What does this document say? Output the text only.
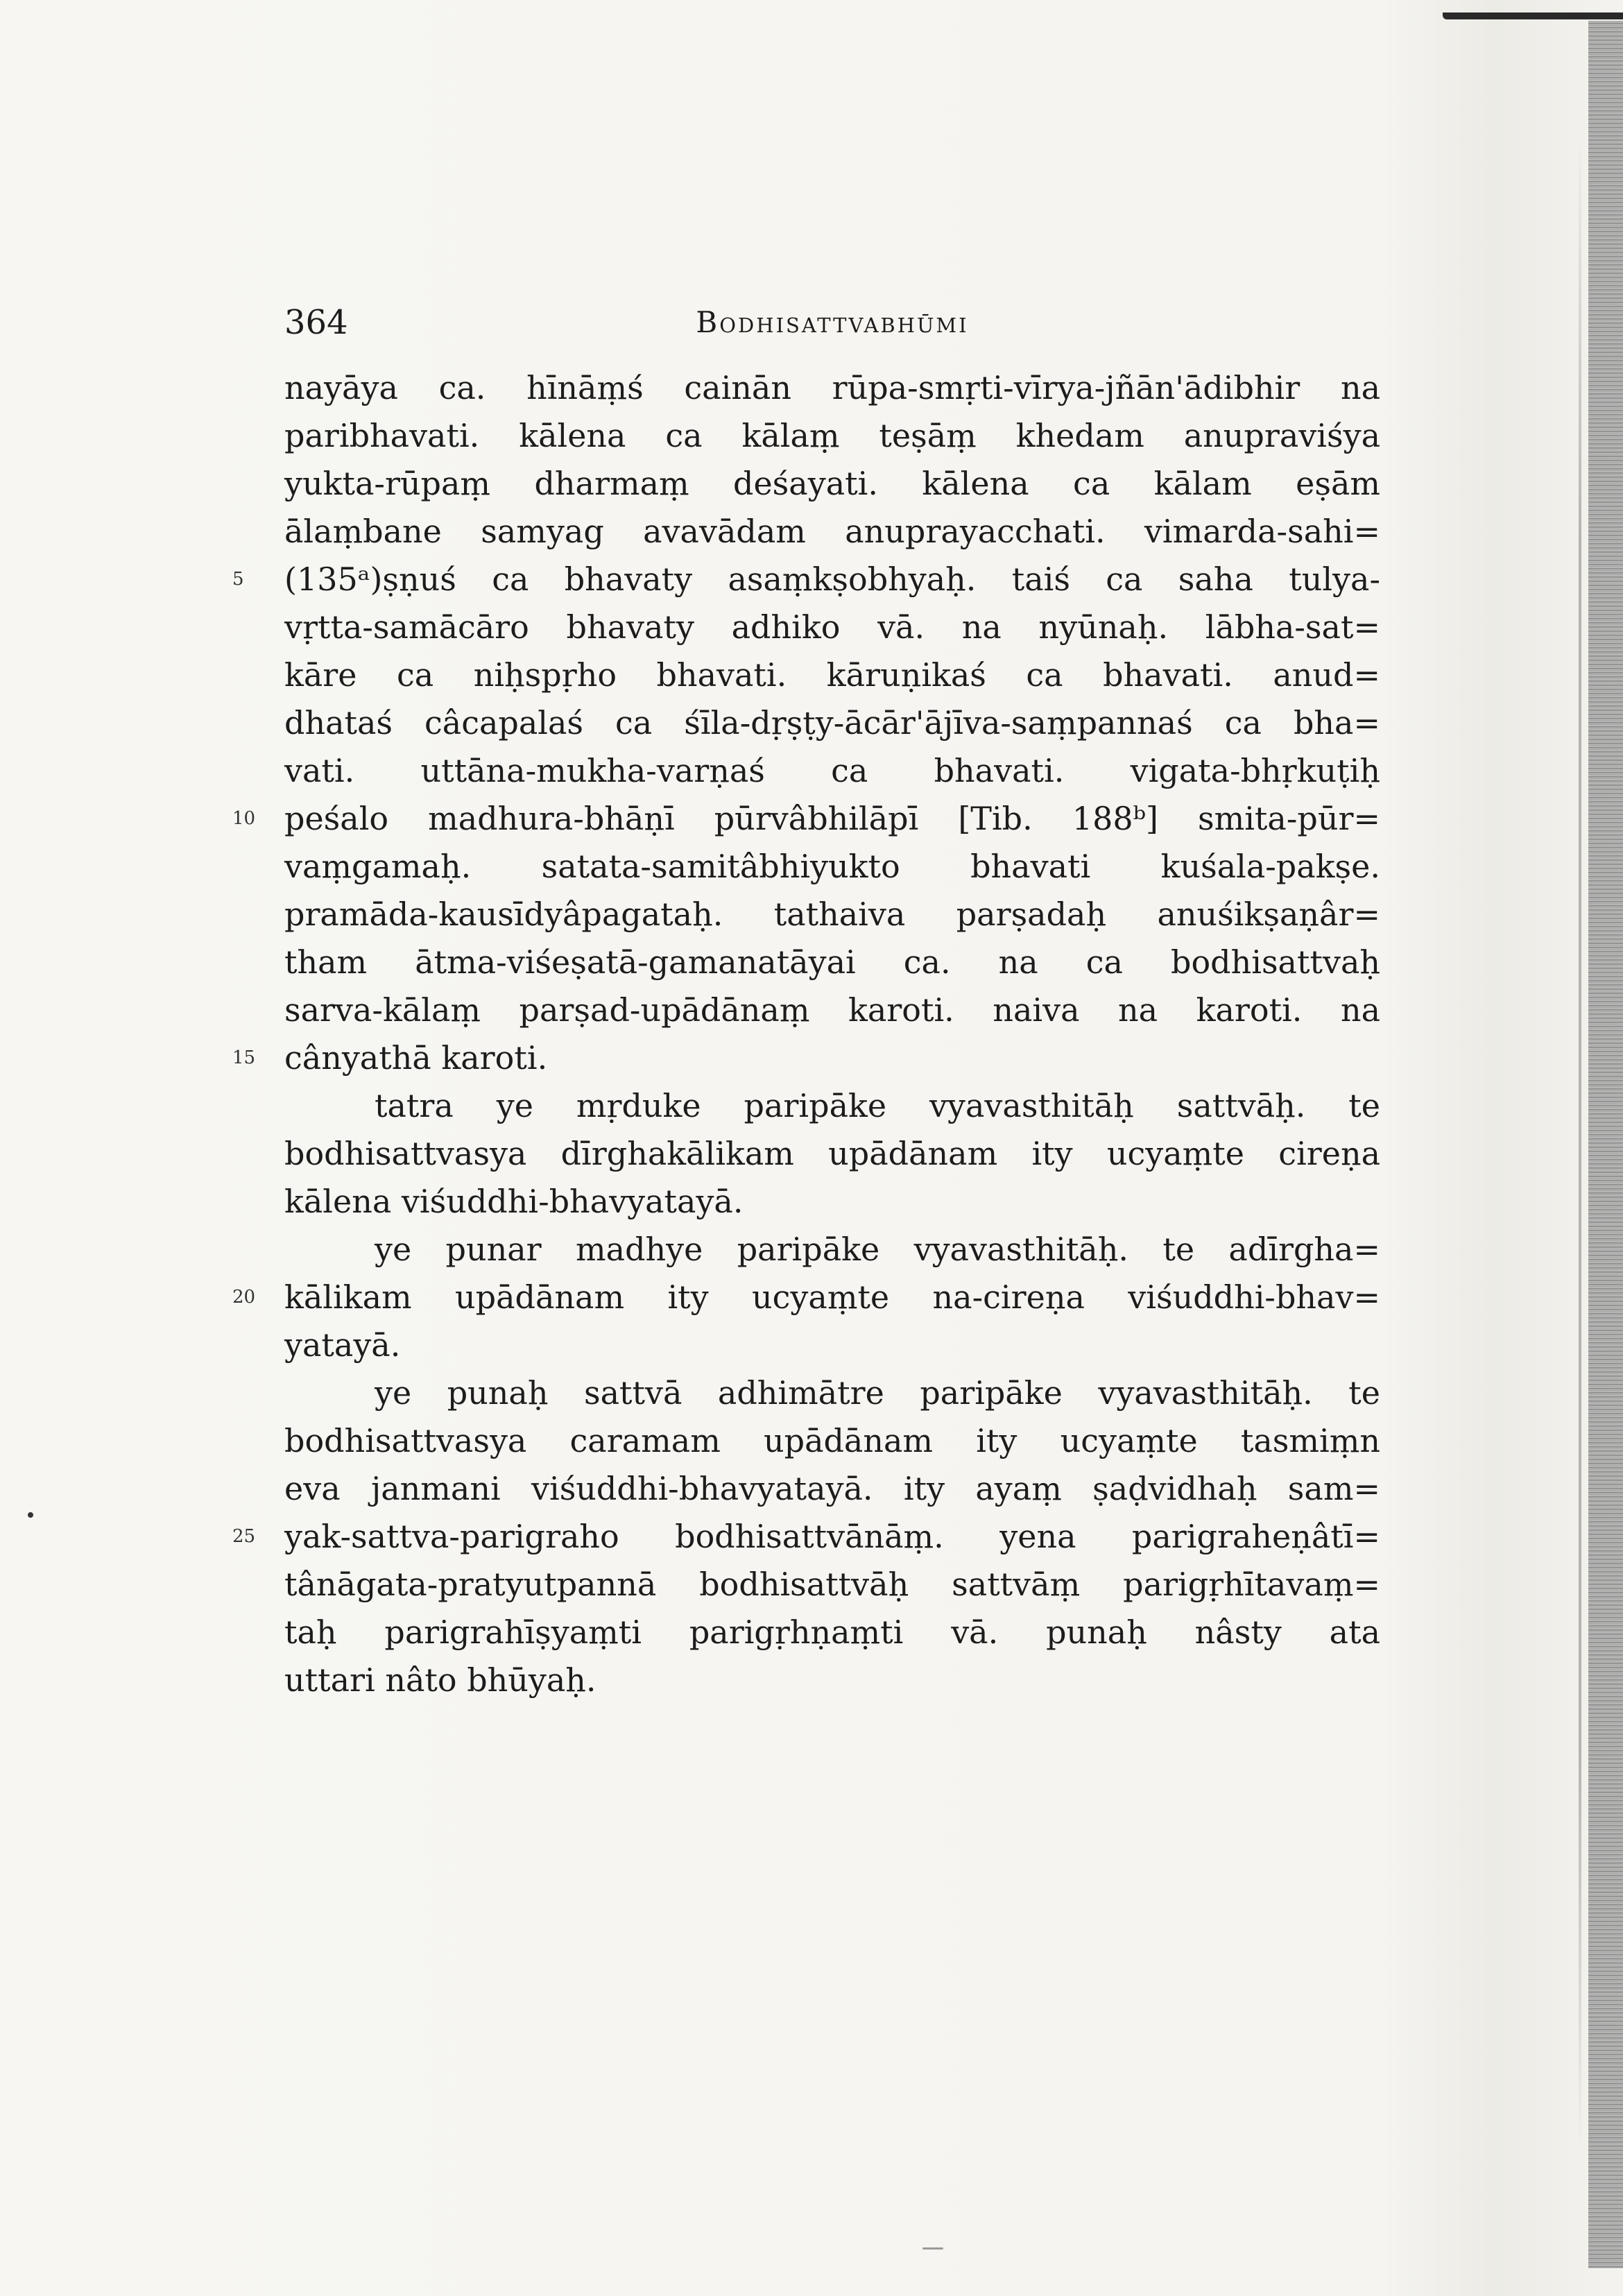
364	Bodhisattvabhūmi
nayāya ca. hīnāṃś cainān rūpa-smṛti-vīrya-jñān'ādibhir na
paribhavati. kālena ca kālaṃ teṣāṃ khedam anupraviśya
yukta-rūpaṃ dharmaṃ deśayati. kālena ca kālam eṣām
ālaṃbane samyag avavādam anuprayacchati. vimarda-sahi=
5	(135ᵃ)ṣṇuś ca bhavaty asaṃkṣobhyaḥ. taiś ca saha tulya-
vṛtta-samācāro bhavaty adhiko vā. na nyūnaḥ. lābha-sat=
kāre ca niḥspṛho bhavati. kāruṇikaś ca bhavati. anud=
dhataś câcapalaś ca śīla-dṛṣṭy-ācār'ājīva-saṃpannaś ca bha=
vati. uttāna-mukha-varṇaś ca bhavati. vigata-bhṛkuṭiḥ
10 peśalo madhura-bhāṇī pūrvâbhilāpī [Tib. 188ᵇ] smita-pūr=
vaṃgamaḥ. satata-samitâbhiyukto bhavati kuśala-pakṣe.
pramāda-kausīdyâpagataḥ. tathaiva parṣadaḥ anuśikṣaṇâr=
tham ātma-viśeṣatā-gamanatāyai ca. na ca bodhisattvaḥ
sarva-kālaṃ parṣad-upādānaṃ karoti. naiva na karoti. na
15 cânyathā karoti.
tatra ye mṛduke paripāke vyavasthitāḥ sattvāḥ. te
bodhisattvasya dīrghakālikam upādānam ity ucyaṃte cireṇa
kālena viśuddhi-bhavyatayā.
ye punar madhye paripāke vyavasthitāḥ. te adīrgha=
20 kālikam upādānam ity ucyaṃte na-cireṇa viśuddhi-bhav=
yatayā.
ye punaḥ sattvā adhimātre paripāke vyavasthitāḥ. te
bodhisattvasya caramam upādānam ity ucyaṃte tasmiṃn
eva janmani viśuddhi-bhavyatayā. ity ayaṃ ṣaḍvidhaḥ sam=
25 yak-sattva-parigraho bodhisattvānāṃ. yena parigraheṇâtī=
tânāgata-pratyutpannā bodhisattvāḥ sattvāṃ parigṛhītavaṃ=
taḥ parigrahīṣyaṃti parigṛhṇaṃti vā. punaḥ nâsty ata
uttari nâto bhūyaḥ.
